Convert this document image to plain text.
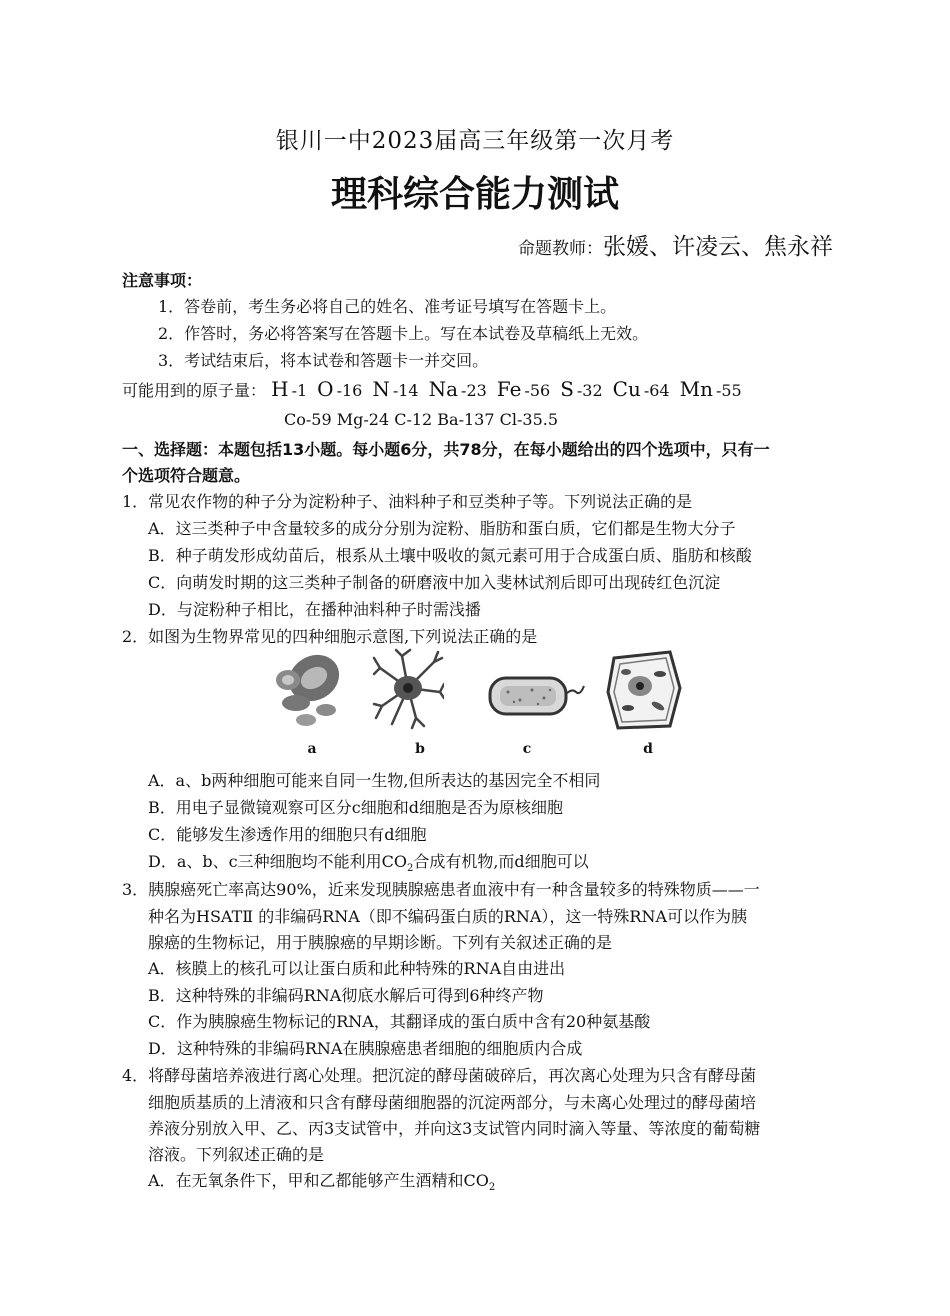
银川一中2023届高三年级第一次月考
理科综合能力测试
命题教师：张媛、许凌云、焦永祥
注意事项：
1．答卷前，考生务必将自己的姓名、准考证号填写在答题卡上。
2．作答时，务必将答案写在答题卡上。写在本试卷及草稿纸上无效。
3．考试结束后，将本试卷和答题卡一并交回。
可能用到的原子量： H -1 O -16 N -14 Na -23 Fe -56 S -32 Cu -64 Mn -55
Co-59 Mg-24 C-12 Ba-137 Cl-35.5
一、选择题：本题包括13小题。每小题6分，共78分，在每小题给出的四个选项中，只有一
个选项符合题意。
1．常见农作物的种子分为淀粉种子、油料种子和豆类种子等。下列说法正确的是
A．这三类种子中含量较多的成分分别为淀粉、脂肪和蛋白质，它们都是生物大分子
B．种子萌发形成幼苗后，根系从土壤中吸收的氮元素可用于合成蛋白质、脂肪和核酸
C．向萌发时期的这三类种子制备的研磨液中加入斐林试剂后即可出现砖红色沉淀
D．与淀粉种子相比，在播种油料种子时需浅播
2．如图为生物界常见的四种细胞示意图,下列说法正确的是
a	b	c	d
A．a、b两种细胞可能来自同一生物,但所表达的基因完全不相同
B．用电子显微镜观察可区分c细胞和d细胞是否为原核细胞
C．能够发生渗透作用的细胞只有d细胞
D．a、b、c三种细胞均不能利用$CO_2$合成有机物,而d细胞可以
3．胰腺癌死亡率高达90%，近来发现胰腺癌患者血液中有一种含量较多的特殊物质——一
种名为HSATⅡ 的非编码RNA（即不编码蛋白质的RNA），这一特殊RNA可以作为胰
腺癌的生物标记，用于胰腺癌的早期诊断。下列有关叙述正确的是
A．核膜上的核孔可以让蛋白质和此种特殊的RNA自由进出
B．这种特殊的非编码RNA彻底水解后可得到6种终产物
C．作为胰腺癌生物标记的RNA，其翻译成的蛋白质中含有20种氨基酸
D．这种特殊的非编码RNA在胰腺癌患者细胞的细胞质内合成
4．将酵母菌培养液进行离心处理。把沉淀的酵母菌破碎后，再次离心处理为只含有酵母菌
细胞质基质的上清液和只含有酵母菌细胞器的沉淀两部分，与未离心处理过的酵母菌培
养液分别放入甲、乙、丙3支试管中，并向这3支试管内同时滴入等量、等浓度的葡萄糖
溶液。下列叙述正确的是
A．在无氧条件下，甲和乙都能够产生酒精和$CO_2$
